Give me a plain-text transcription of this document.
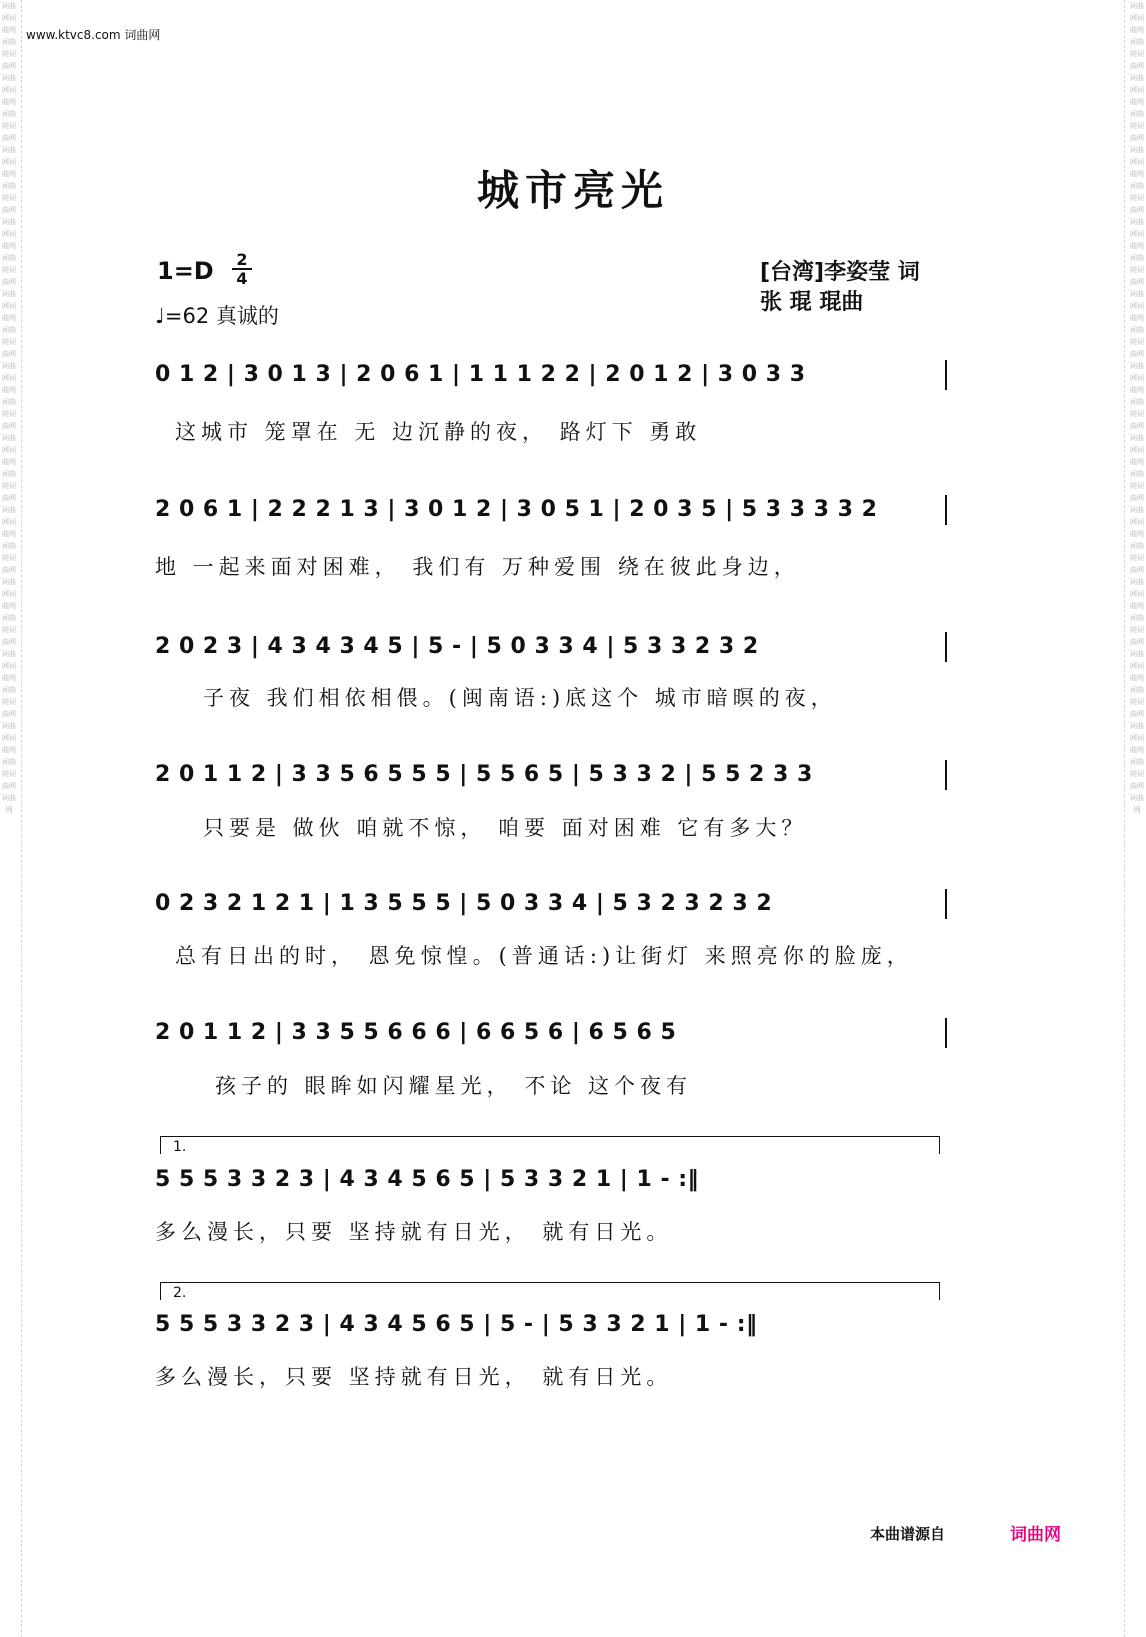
词曲网词曲网词曲网词曲网词曲网词曲网词曲网词曲网词曲网词曲网词曲网词曲网词曲网词曲网词曲网词曲网词曲网词曲网词曲网词曲网词曲网词曲网词曲网词曲网词曲网词曲网词曲网词曲网词曲网词曲网词曲网词曲网词曲网词曲网词曲网词曲网词曲网词曲网词曲网词曲网词曲网词曲网词曲网词曲网词曲网
词曲网词曲网词曲网词曲网词曲网词曲网词曲网词曲网词曲网词曲网词曲网词曲网词曲网词曲网词曲网词曲网词曲网词曲网词曲网词曲网词曲网词曲网词曲网词曲网词曲网词曲网词曲网词曲网词曲网词曲网词曲网词曲网词曲网词曲网词曲网词曲网词曲网词曲网词曲网词曲网词曲网词曲网词曲网词曲网词曲网
www.ktvc8.com 词曲网
城市亮光
1=D 2
4
♩=62 真诚的
[台湾]李姿莹 词
张 琨 琨曲
0 1 2 | 3 0 1 3 | 2 0 6 1 | 1 1 1 2 2 | 2 0 1 2 | 3 0 3 3
这城市 笼罩在 无 边沉静的夜， 路灯下 勇敢
2 0 6 1 | 2 2 2 1 3 | 3 0 1 2 | 3 0 5 1 | 2 0 3 5 | 5 3 3 3 3 2
地 一起来面对困难， 我们有 万种爱围 绕在彼此身边，
2 0 2 3 | 4 3 4 3 4 5 | 5 - | 5 0 3 3 4 | 5 3 3 2 3 2
子夜 我们相依相偎。(闽南语:)底这个 城市暗暝的夜，
2 0 1 1 2 | 3 3 5 6 5 5 5 | 5 5 6 5 | 5 3 3 2 | 5 5 2 3 3
只要是 做伙 咱就不惊， 咱要 面对困难 它有多大？
0 2 3 2 1 2 1 | 1 3 5 5 5 | 5 0 3 3 4 | 5 3 2 3 2 3 2
总有日出的时， 恩免惊惶。(普通话:)让街灯 来照亮你的脸庞，
2 0 1 1 2 | 3 3 5 5 6 6 6 | 6 6 5 6 | 6 5 6 5
孩子的 眼眸如闪耀星光， 不论 这个夜有
1.
5 5 5 3 3 2 3 | 4 3 4 5 6 5 | 5 3 3 2 1 | 1 - :‖
多么漫长，只要 坚持就有日光， 就有日光。
2.
5 5 5 3 3 2 3 | 4 3 4 5 6 5 | 5 - | 5 3 3 2 1 | 1 - :‖
多么漫长，只要 坚持就有日光， 就有日光。
本曲谱源自	词曲网
